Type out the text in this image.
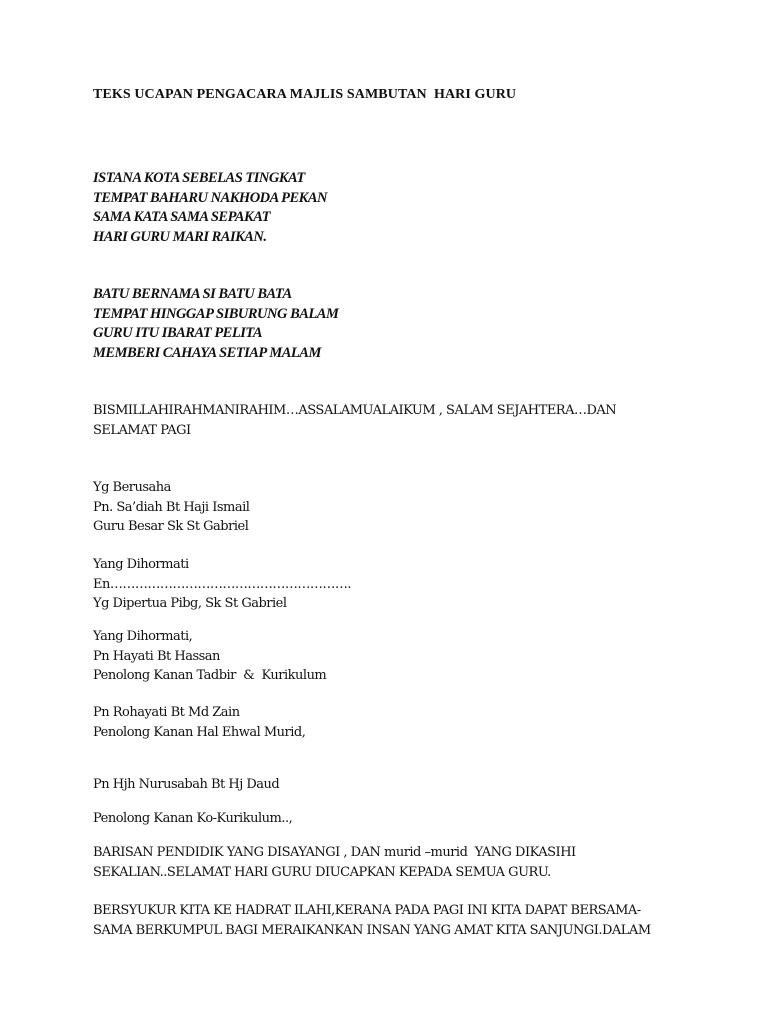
TEKS UCAPAN PENGACARA MAJLIS SAMBUTAN  HARI GURU
ISTANA KOTA SEBELAS TINGKAT
TEMPAT BAHARU NAKHODA PEKAN
SAMA KATA SAMA SEPAKAT
HARI GURU MARI RAIKAN.
BATU BERNAMA SI BATU BATA
TEMPAT HINGGAP SIBURUNG BALAM
GURU ITU IBARAT PELITA
MEMBERI CAHAYA SETIAP MALAM
BISMILLAHIRAHMANIRAHIM…ASSALAMUALAIKUM , SALAM SEJAHTERA…DAN
SELAMAT PAGI
Yg Berusaha
Pn. Sa’diah Bt Haji Ismail
Guru Besar Sk St Gabriel
Yang Dihormati
En………………………………………………….
Yg Dipertua Pibg, Sk St Gabriel
Yang Dihormati,
Pn Hayati Bt Hassan
Penolong Kanan Tadbir  &  Kurikulum
Pn Rohayati Bt Md Zain
Penolong Kanan Hal Ehwal Murid,
Pn Hjh Nurusabah Bt Hj Daud
Penolong Kanan Ko-Kurikulum..,
BARISAN PENDIDIK YANG DISAYANGI , DAN murid –murid  YANG DIKASIHI
SEKALIAN..SELAMAT HARI GURU DIUCAPKAN KEPADA SEMUA GURU.
BERSYUKUR KITA KE HADRAT ILAHI,KERANA PADA PAGI INI KITA DAPAT BERSAMA-
SAMA BERKUMPUL BAGI MERAIKANKAN INSAN YANG AMAT KITA SANJUNGI.DALAM
